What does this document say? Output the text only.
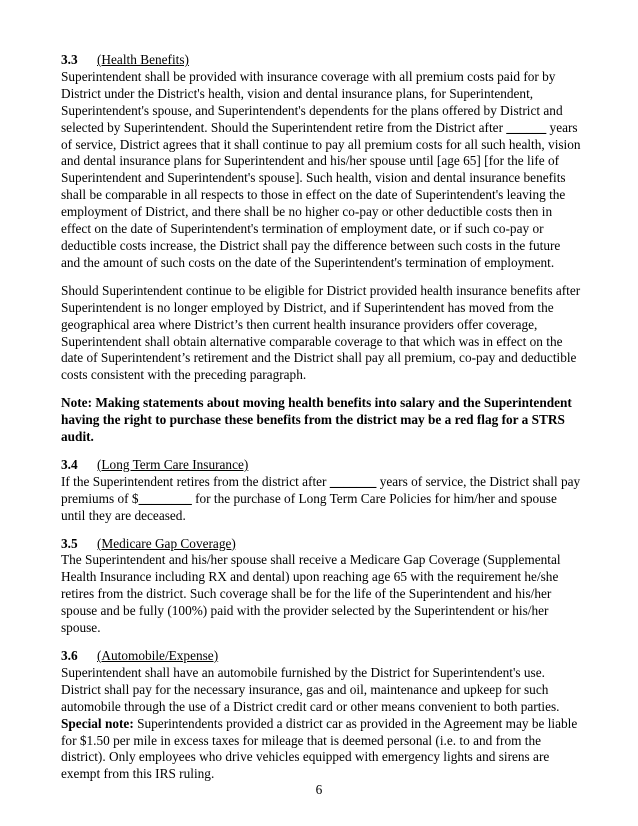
3.3 (Health Benefits)

Superintendent shall be provided with insurance coverage with all premium costs paid for by District under the District's health, vision and dental insurance plans, for Superintendent, Superintendent's spouse, and Superintendent's dependents for the plans offered by District and selected by Superintendent. Should the Superintendent retire from the District after ______ years of service, District agrees that it shall continue to pay all premium costs for all such health, vision and dental insurance plans for Superintendent and his/her spouse until [age 65] [for the life of Superintendent and Superintendent's spouse]. Such health, vision and dental insurance benefits shall be comparable in all respects to those in effect on the date of Superintendent's leaving the employment of District, and there shall be no higher co-pay or other deductible costs then in effect on the date of Superintendent's termination of employment date, or if such co-pay or deductible costs increase, the District shall pay the difference between such costs in the future and the amount of such costs on the date of the Superintendent's termination of employment.

Should Superintendent continue to be eligible for District provided health insurance benefits after Superintendent is no longer employed by District, and if Superintendent has moved from the geographical area where District’s then current health insurance providers offer coverage, Superintendent shall obtain alternative comparable coverage to that which was in effect on the date of Superintendent’s retirement and the District shall pay all premium, co-pay and deductible costs consistent with the preceding paragraph.

Note: Making statements about moving health benefits into salary and the Superintendent having the right to purchase these benefits from the district may be a red flag for a STRS audit.

3.4 (Long Term Care Insurance)

If the Superintendent retires from the district after _______ years of service, the District shall pay premiums of $________ for the purchase of Long Term Care Policies for him/her and spouse until they are deceased.

3.5 (Medicare Gap Coverage)

The Superintendent and his/her spouse shall receive a Medicare Gap Coverage (Supplemental Health Insurance including RX and dental) upon reaching age 65 with the requirement he/she retires from the district. Such coverage shall be for the life of the Superintendent and his/her spouse and be fully (100%) paid with the provider selected by the Superintendent or his/her spouse.

3.6 (Automobile/Expense)

Superintendent shall have an automobile furnished by the District for Superintendent's use. District shall pay for the necessary insurance, gas and oil, maintenance and upkeep for such automobile through the use of a District credit card or other means convenient to both parties. Special note: Superintendents provided a district car as provided in the Agreement may be liable for $1.50 per mile in excess taxes for mileage that is deemed personal (i.e. to and from the district). Only employees who drive vehicles equipped with emergency lights and sirens are exempt from this IRS ruling.

6
